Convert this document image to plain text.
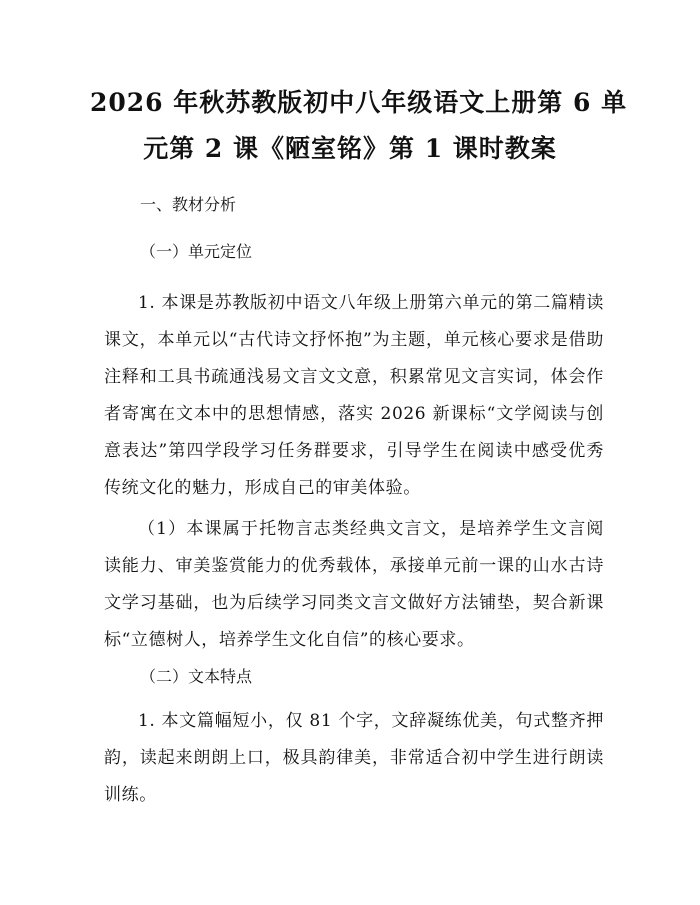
2026 年秋苏教版初中八年级语文上册第 6 单
元第 2 课《陋室铭》第 1 课时教案
一、教材分析
（一）单元定位

1. 本课是苏教版初中语文八年级上册第六单元的第二篇精读课文，本单元以“古代诗文抒怀抱”为主题，单元核心要求是借助注释和工具书疏通浅易文言文文意，积累常见文言实词，体会作者寄寓在文本中的思想情感，落实 2026 新课标“文学阅读与创意表达”第四学段学习任务群要求，引导学生在阅读中感受优秀传统文化的魅力，形成自己的审美体验。

（1）本课属于托物言志类经典文言文，是培养学生文言阅读能力、审美鉴赏能力的优秀载体，承接单元前一课的山水古诗文学习基础，也为后续学习同类文言文做好方法铺垫，契合新课标“立德树人，培养学生文化自信”的核心要求。

（二）文本特点

1. 本文篇幅短小，仅 81 个字，文辞凝练优美，句式整齐押韵，读起来朗朗上口，极具韵律美，非常适合初中学生进行朗读训练。
